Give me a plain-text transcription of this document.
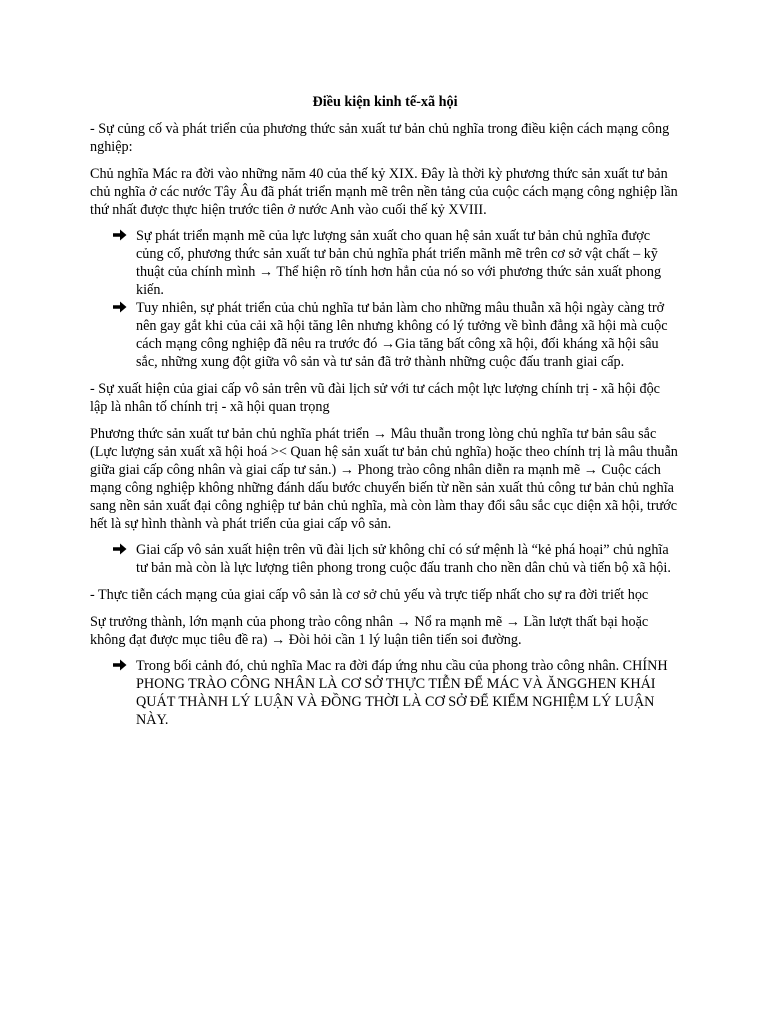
Điều kiện kinh tế-xã hội

- Sự củng cố và phát triển của phương thức sản xuất tư bản chủ nghĩa trong điều kiện cách mạng công nghiệp:

Chủ nghĩa Mác ra đời vào những năm 40 của thế kỷ XIX. Đây là thời kỳ phương thức sản xuất tư bản chủ nghĩa ở các nước Tây Âu đã phát triển mạnh mẽ trên nền tảng của cuộc cách mạng công nghiệp lần thứ nhất được thực hiện trước tiên ở nước Anh vào cuối thế kỷ XVIII.

Sự phát triển mạnh mẽ của lực lượng sản xuất cho quan hệ sản xuất tư bản chủ nghĩa được củng cố, phương thức sản xuất tư bản chủ nghĩa phát triển mãnh mẽ trên cơ sở vật chất – kỹ thuật của chính mình → Thể hiện rõ tính hơn hẳn của nó so với phương thức sản xuất phong kiến.
Tuy nhiên, sự phát triển của chủ nghĩa tư bản làm cho những mâu thuẫn xã hội ngày càng trở nên gay gắt khi của cải xã hội tăng lên nhưng không có lý tưởng về bình đẳng xã hội mà cuộc cách mạng công nghiệp đã nêu ra trước đó →Gia tăng bất công xã hội, đối kháng xã hội sâu sắc, những xung đột giữa vô sản và tư sản đã trở thành những cuộc đấu tranh giai cấp.

- Sự xuất hiện của giai cấp vô sản trên vũ đài lịch sử với tư cách một lực lượng chính trị - xã hội độc lập là nhân tố chính trị - xã hội quan trọng

Phương thức sản xuất tư bản chủ nghĩa phát triển → Mâu thuẫn trong lòng chủ nghĩa tư bản sâu sắc (Lực lượng sản xuất xã hội hoá >< Quan hệ sản xuất tư bản chủ nghĩa) hoặc theo chính trị là mâu thuẫn giữa giai cấp công nhân và giai cấp tư sản.) → Phong trào công nhân diễn ra mạnh mẽ → Cuộc cách mạng công nghiệp không những đánh dấu bước chuyển biến từ nền sản xuất thủ công tư bản chủ nghĩa sang nền sản xuất đại công nghiệp tư bản chủ nghĩa, mà còn làm thay đổi sâu sắc cục diện xã hội, trước hết là sự hình thành và phát triển của giai cấp vô sản.

Giai cấp vô sản xuất hiện trên vũ đài lịch sử không chỉ có sứ mệnh là “kẻ phá hoại” chủ nghĩa tư bản mà còn là lực lượng tiên phong trong cuộc đấu tranh cho nền dân chủ và tiến bộ xã hội.

- Thực tiễn cách mạng của giai cấp vô sản là cơ sở chủ yếu và trực tiếp nhất cho sự ra đời triết học

Sự trưởng thành, lớn mạnh của phong trào công nhân → Nổ ra mạnh mẽ → Lần lượt thất bại hoặc không đạt được mục tiêu đề ra) → Đòi hỏi cần 1 lý luận tiên tiến soi đường.

Trong bối cảnh đó, chủ nghĩa Mac ra đời đáp ứng nhu cầu của phong trào công nhân. CHÍNH PHONG TRÀO CÔNG NHÂN LÀ CƠ SỞ THỰC TIỄN ĐỂ MÁC VÀ ĂNGGHEN KHÁI QUÁT THÀNH LÝ LUẬN VÀ ĐỒNG THỜI LÀ CƠ SỞ ĐỂ KIỂM NGHIỆM LÝ LUẬN NÀY.
